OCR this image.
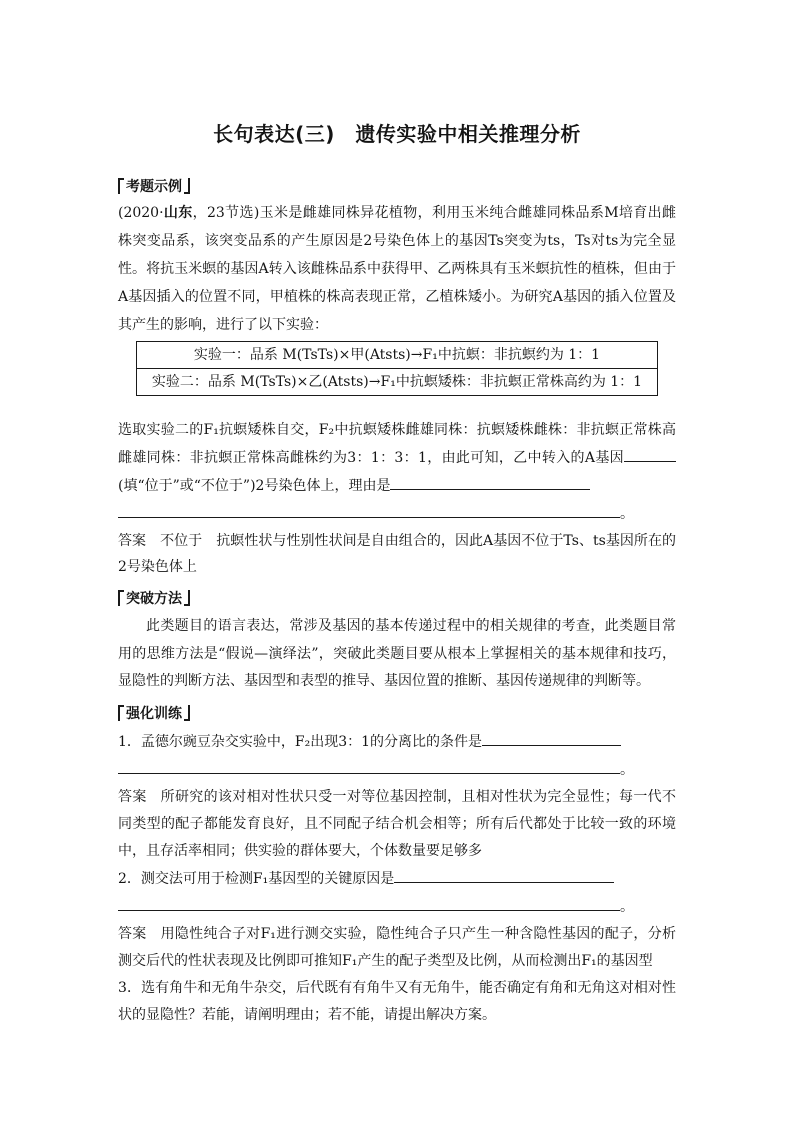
长句表达(三)　遗传实验中相关推理分析
考题示例

(2020·山东，23节选)玉米是雌雄同株异花植物，利用玉米纯合雌雄同株品系M培育出雌株突变品系，该突变品系的产生原因是2号染色体上的基因Ts突变为ts，Ts对ts为完全显性。将抗玉米螟的基因A转入该雌株品系中获得甲、乙两株具有玉米螟抗性的植株，但由于A基因插入的位置不同，甲植株的株高表现正常，乙植株矮小。为研究A基因的插入位置及其产生的影响，进行了以下实验：

实验一：品系 M(TsTs)×甲(Atsts)→F₁中抗螟：非抗螟约为 1：1
实验二：品系 M(TsTs)×乙(Atsts)→F₁中抗螟矮株：非抗螟正常株高约为 1：1

选取实验二的F₁抗螟矮株自交，F₂中抗螟矮株雌雄同株：抗螟矮株雌株：非抗螟正常株高雌雄同株：非抗螟正常株高雌株约为3：1：3：1，由此可知，乙中转入的A基因(填“位于”或“不位于”)2号染色体上，理由是

。

答案 不位于　抗螟性状与性别性状间是自由组合的，因此A基因不位于Ts、ts基因所在的2号染色体上

突破方法

此类题目的语言表达，常涉及基因的基本传递过程中的相关规律的考查，此类题目常用的思维方法是“假说—演绎法”，突破此类题目要从根本上掌握相关的基本规律和技巧，显隐性的判断方法、基因型和表型的推导、基因位置的推断、基因传递规律的判断等。

强化训练

1．孟德尔豌豆杂交实验中，F₂出现3：1的分离比的条件是

。

答案 所研究的该对相对性状只受一对等位基因控制，且相对性状为完全显性；每一代不同类型的配子都能发育良好，且不同配子结合机会相等；所有后代都处于比较一致的环境中，且存活率相同；供实验的群体要大，个体数量要足够多

2．测交法可用于检测F₁基因型的关键原因是

。

答案 用隐性纯合子对F₁进行测交实验，隐性纯合子只产生一种含隐性基因的配子，分析测交后代的性状表现及比例即可推知F₁产生的配子类型及比例，从而检测出F₁的基因型

3．选有角牛和无角牛杂交，后代既有有角牛又有无角牛，能否确定有角和无角这对相对性状的显隐性？若能，请阐明理由；若不能，请提出解决方案。
